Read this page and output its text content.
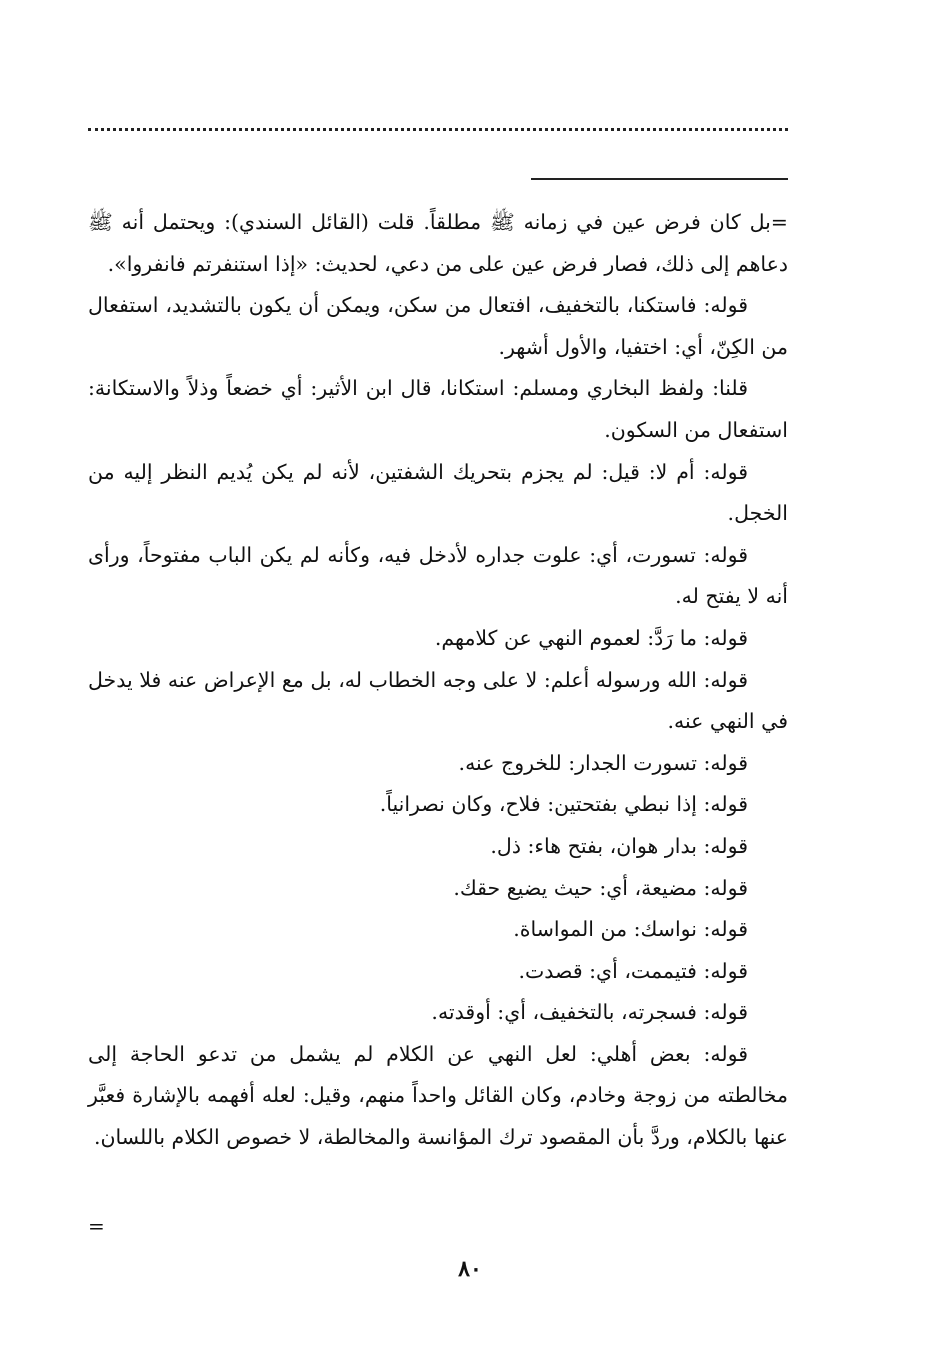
=بل كان فرض عين في زمانه ﷺ مطلقاً. قلت (القائل السندي): ويحتمل أنه ﷺ دعاهم إلى ذلك، فصار فرض عين على من دعي، لحديث: «إذا استنفرتم فانفروا».

قوله: فاستكنا، بالتخفيف، افتعال من سكن، ويمكن أن يكون بالتشديد، استفعال من الكِنّ، أي: اختفيا، والأول أشهر.

قلنا: ولفظ البخاري ومسلم: استكانا، قال ابن الأثير: أي خضعاً وذلاً والاستكانة: استفعال من السكون.

قوله: أم لا: قيل: لم يجزم بتحريك الشفتين، لأنه لم يكن يُديم النظر إليه من الخجل.

قوله: تسورت، أي: علوت جداره لأدخل فيه، وكأنه لم يكن الباب مفتوحاً، ورأى أنه لا يفتح له.

قوله: ما رَدَّ: لعموم النهي عن كلامهم.

قوله: الله ورسوله أعلم: لا على وجه الخطاب له، بل مع الإعراض عنه فلا يدخل في النهي عنه.

قوله: تسورت الجدار: للخروج عنه.

قوله: إذا نبطي بفتحتين: فلاح، وكان نصرانياً.

قوله: بدار هوان، بفتح هاء: ذل.

قوله: مضيعة، أي: حيث يضيع حقك.

قوله: نواسك: من المواساة.

قوله: فتيممت، أي: قصدت.

قوله: فسجرته، بالتخفيف، أي: أوقدته.

قوله: بعض أهلي: لعل النهي عن الكلام لم يشمل من تدعو الحاجة إلى مخالطته من زوجة وخادم، وكان القائل واحداً منهم، وقيل: لعله أفهمه بالإشارة فعبَّر عنها بالكلام، وردَّ بأن المقصود ترك المؤانسة والمخالطة، لا خصوص الكلام باللسان.

=
٨٠
